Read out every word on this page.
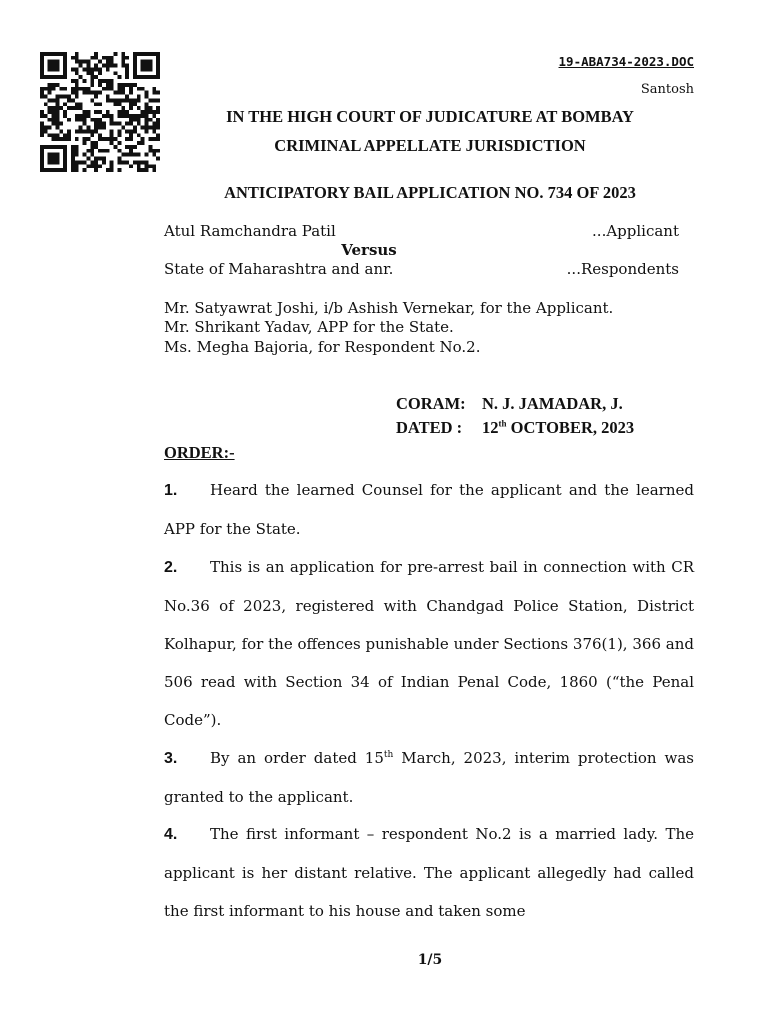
19-ABA734-2023.DOC
Santosh
IN THE HIGH COURT OF JUDICATURE AT BOMBAY
CRIMINAL APPELLATE JURISDICTION
ANTICIPATORY BAIL APPLICATION NO. 734 OF 2023
Atul Ramchandra Patil	...Applicant
Versus
State of Maharashtra and anr.	...Respondents
Mr. Satyawrat Joshi, i/b Ashish Vernekar, for the Applicant.
Mr. Shrikant Yadav, APP for the State.
Ms. Megha Bajoria, for Respondent No.2.
CORAM: N. J. JAMADAR, J.
DATED : 12th OCTOBER, 2023
ORDER:-
1. Heard the learned Counsel for the applicant and the learned APP for the State.
2. This is an application for pre-arrest bail in connection with CR No.36 of 2023, registered with Chandgad Police Station, District Kolhapur, for the offences punishable under Sections 376(1), 366 and 506 read with Section 34 of Indian Penal Code, 1860 (“the Penal Code”).
3. By an order dated 15th March, 2023, interim protection was granted to the applicant.
4. The first informant – respondent No.2 is a married lady. The applicant is her distant relative. The applicant allegedly had called the first informant to his house and taken some
1/5
